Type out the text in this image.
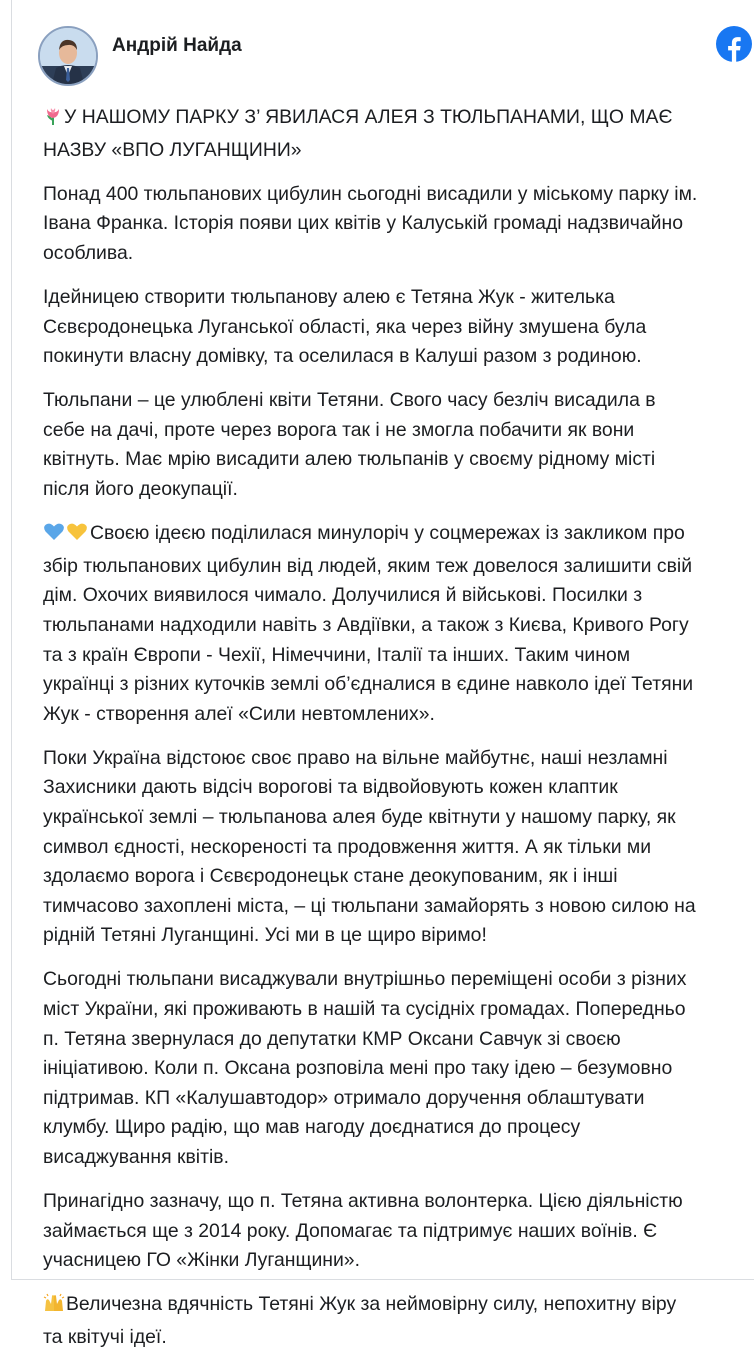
Андрій Найда

У НАШОМУ ПАРКУ З’ ЯВИЛАСЯ АЛЕЯ З ТЮЛЬПАНАМИ, ЩО МАЄ
НАЗВУ «ВПО ЛУГАНЩИНИ»

Понад 400 тюльпанових цибулин сьогодні висадили у міському парку ім.
Івана Франка. Історія появи цих квітів у Калуській громаді надзвичайно
особлива.

Ідейницею створити тюльпанову алею є Тетяна Жук - жителька
Сєвєродонецька Луганської області, яка через війну змушена була
покинути власну домівку, та оселилася в Калуші разом з родиною.

Тюльпани – це улюблені квіти Тетяни. Свого часу безліч висадила в
себе на дачі, проте через ворога так і не змогла побачити як вони
квітнуть. Має мрію висадити алею тюльпанів у своєму рідному місті
після його деокупації.

Своєю ідеєю поділилася минулоріч у соцмережах із закликом про
збір тюльпанових цибулин від людей, яким теж довелося залишити свій
дім. Охочих виявилося чимало. Долучилися й військові. Посилки з
тюльпанами надходили навіть з Авдіївки, а також з Києва, Кривого Рогу
та з країн Європи - Чехії, Німеччини, Італії та інших. Таким чином
українці з різних куточків землі об’єдналися в єдине навколо ідеї Тетяни
Жук - створення алеї «Сили невтомлених».

Поки Україна відстоює своє право на вільне майбутнє, наші незламні
Захисники дають відсіч ворогові та відвойовують кожен клаптик
української землі – тюльпанова алея буде квітнути у нашому парку, як
символ єдності, нескореності та продовження життя. А як тільки ми
здолаємо ворога і Сєвєродонецьк стане деокупованим, як і інші
тимчасово захоплені міста, – ці тюльпани замайорять з новою силою на
рідній Тетяні Луганщині. Усі ми в це щиро віримо!

Сьогодні тюльпани висаджували внутрішньо переміщені особи з різних
міст України, які проживають в нашій та сусідніх громадах. Попередньо
п. Тетяна звернулася до депутатки КМР Оксани Савчук зі своєю
ініціативою. Коли п. Оксана розповіла мені про таку ідею – безумовно
підтримав. КП «Калушавтодор» отримало доручення облаштувати
клумбу. Щиро радію, що мав нагоду доєднатися до процесу
висаджування квітів.

Принагідно зазначу, що п. Тетяна активна волонтерка. Цією діяльністю
займається ще з 2014 року. Допомагає та підтримує наших воїнів. Є
учасницею ГО «Жінки Луганщини».

Величезна вдячність Тетяні Жук за неймовірну силу, непохитну віру
та квітучі ідеї.
